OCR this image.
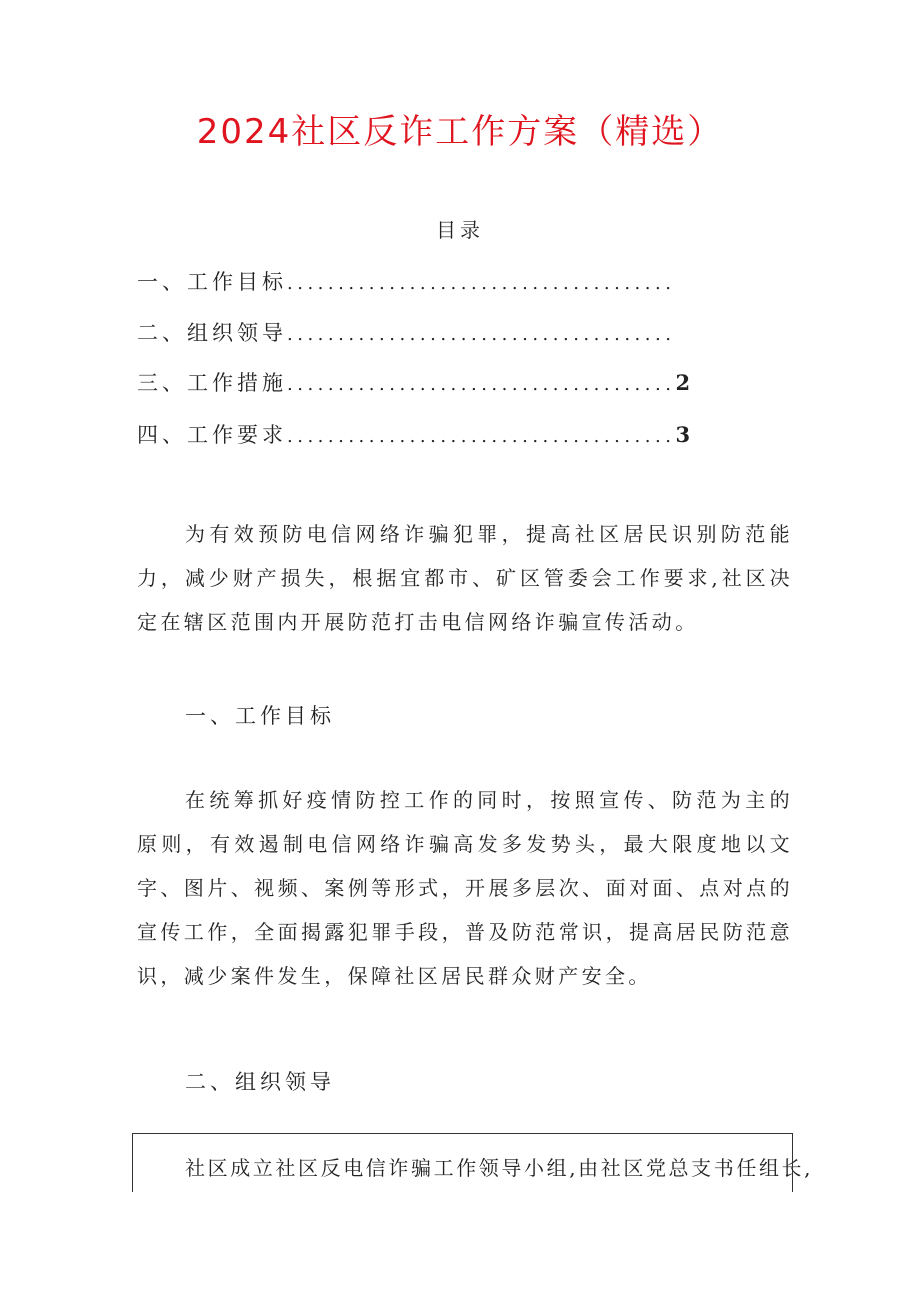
2024社区反诈工作方案（精选）
目录
一、工作目标 ......................................
二、组织领导 ......................................
三、工作措施 ...................................... 2
四、工作要求 ...................................... 3

为有效预防电信网络诈骗犯罪，提高社区居民识别防范能力，减少财产损失，根据宜都市、矿区管委会工作要求,社区决定在辖区范围内开展防范打击电信网络诈骗宣传活动。

一、工作目标

在统筹抓好疫情防控工作的同时，按照宣传、防范为主的原则，有效遏制电信网络诈骗高发多发势头，最大限度地以文字、图片、视频、案例等形式，开展多层次、面对面、点对点的宣传工作，全面揭露犯罪手段，普及防范常识，提高居民防范意识，减少案件发生，保障社区居民群众财产安全。

二、组织领导

社区成立社区反电信诈骗工作领导小组,由社区党总支书任组长,
